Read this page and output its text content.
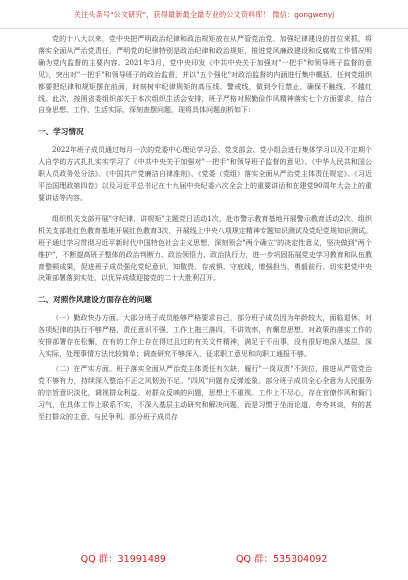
关注头条号"公文研究"，获得最新最全最专业的公文资料库！ 微信：gongwenyj

党的十八大以来，党中央把严明政治纪律和政治规矩放在从严管党治党、加强纪律建设的首位来抓，将落实全面从严治党责任，严明党的纪律特别是政治纪律和政治规矩，推进党风廉政建设和反腐败工作情况明确为党内监督的主要内容。2021年3月，党中央印发《中共中央关于加强对"一把手"和领导班子监督的意见》，突出对"一把手"和领导班子的政治监督，并以"五个强化"对政治监督的内涵进行集中概括，任何党组织都要把纪律和规矩摆在前面，时刻树牢纪律规矩的高压线、警戒线，做到令行禁止，确保不触线、不越红线。此次，按照省委组织部关于本次组织生活会安排，班子严格对照勤俭作风精神落实七个方面要求，结合自身思想、工作、生活实际，深刻查摆问题，现将具体问题剖析如下：

一、学习情况

2022年班子成员通过每月一次的党委中心理论学习会、党支部会、党小组会进行集体学习以及不定期个人自学的方式扎扎实实学习了《中共中央关于加强对"一把手"和领导班子监督的意见》、《中华人民共和国公职人员政务处分法》、《中国共产党廉洁自律准则》、《党委（党组）落实全面从严治党主体责任规定》、《习近平治国理政第四卷》以及习近平总书记在十九届中央纪委六次全会上的重要讲话和在建党90周年大会上的重要讲话等内容。

组织机关支部开展"守纪律、讲规矩"主题党日活动1次，赴市警示教育基地开展警示教育活动2次，组织机关支部赴红色教育基地开展红色教育3次，开展线上中央八项规定精神专题知识测试及党纪党规知识测试。班子通过学习贯彻习近平新时代中国特色社会主义思想，深刻领会"两个确立"的决定性意义，坚决做到"两个维护"，不断提高班子整体的政治判断力、政治领悟力、政治执行力，进一步巩固拓展党史学习教育和队伍教育整顿成果，促进班子成员强化党纪意识，知敬畏、存戒惧、守底线，增强担当、勇毅前行、切实把党中央决策部署落到实处，以优异成绩迎接党的二十大胜利召开。

二、对照作风建设方面存在的问题

（一）勤政快办方面。大部分班子成员能够严格要求自己，部分班子成员因为年龄较大，面临退休，对各项纪律的执行不够严格，责任意识不强，工作上拖三落四，不讲效率，有懈怠思想，对政策的落实工作的安排部署存在松懈，在有的工作上存在得过且过的有关文件精神，满足于不出事，没有很好地深入基层，深入实际，处理事情方法比较简单；调查研究不够深入，征求职工意见和向职工通报不够。

（二）在严实方面。班子落实全面从严治党主体责任有欠缺，履行"一岗双责"不到位，推进从严管党治党不够有力，持续深入整治不正之风韧劲不足。"四风"问题有反弹迹象。部分班子成员全心全意为人民服务的宗旨意识淡化，调视群众利益、对群众反映的问题，思想上不重视。工作上不尽心，存在官僚作风和衙门习气，在具体工作上联系不实，不深入基层主动研究和解决问题，而是习惯于坐而论道，夸夸其谈，有的甚至打群众的主意，与民争利。部分班子成员存

QQ 群：31991489	QQ 群：535304092
